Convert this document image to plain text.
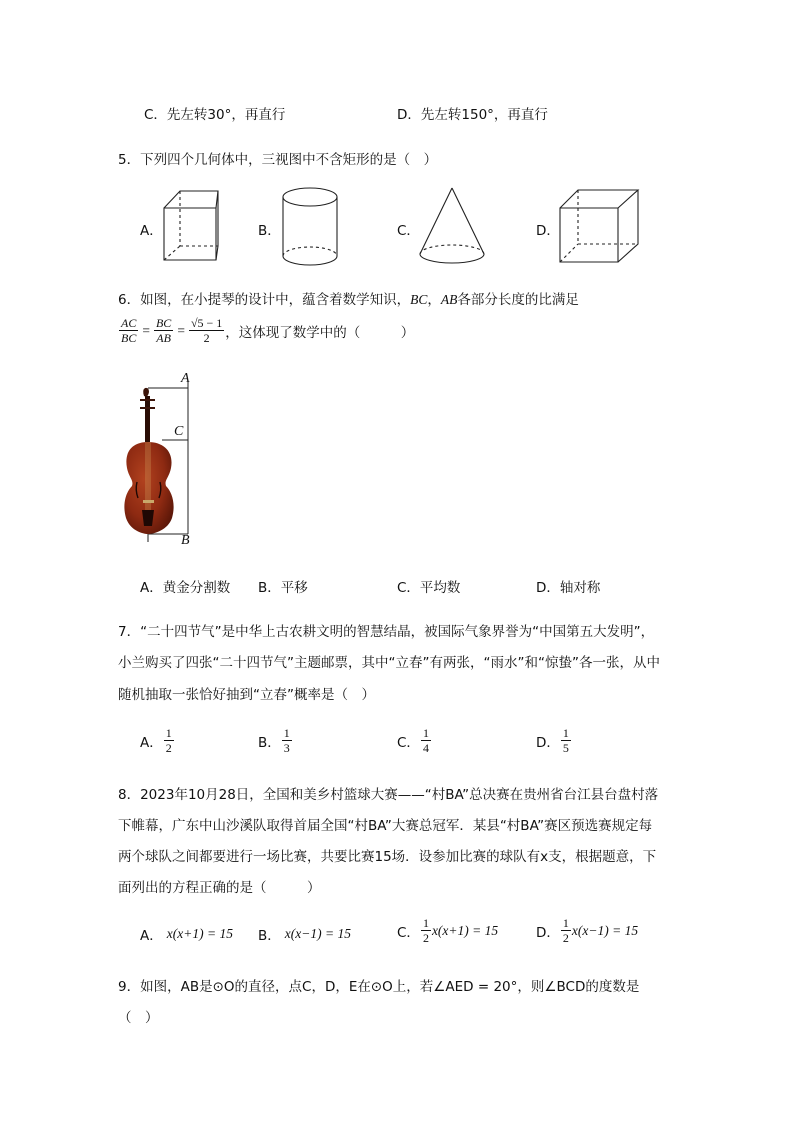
C．先左转30°，再直行	D．先左转150°，再直行
5．下列四个几何体中，三视图中不含矩形的是（　）
A．	B．	C．	D．
6．如图，在小提琴的设计中，蕴含着数学知识，BC，AB各部分长度的比满足
$\frac{AC}{BC} = \frac{BC}{AB} = \frac{√5 - 1}{2}$ ，这体现了数学中的（　　　）
A
C
B
A．黄金分割数 B．平移	C．平均数	D．轴对称
7．“二十四节气”是中华上古农耕文明的智慧结晶，被国际气象界誉为“中国第五大发明”，
小兰购买了四张“二十四节气”主题邮票，其中“立春”有两张，“雨水”和“惊蛰”各一张，从中
随机抽取一张恰好抽到“立春”概率是（　）
A． $\frac{1}{2}$	B． $\frac{1}{3}$	C． $\frac{1}{4}$	D． $\frac{1}{5}$
8．2023年10月28日，全国和美乡村篮球大赛——“村BA”总决赛在贵州省台江县台盘村落
下帷幕，广东中山沙溪队取得首届全国“村BA”大赛总冠军．某县“村BA”赛区预选赛规定每
两个球队之间都要进行一场比赛，共要比赛15场．设参加比赛的球队有x支，根据题意，下
面列出的方程正确的是（　　　）
A． x(x+1) = 15 B． x(x−1) = 15	C． $\frac{1}{2} x(x+1) = 15$	D． $\frac{1}{2} x(x-1) = 15$
9．如图，AB是⊙O的直径，点C，D，E在⊙O上，若∠AED = 20°，则∠BCD的度数是
（　）
